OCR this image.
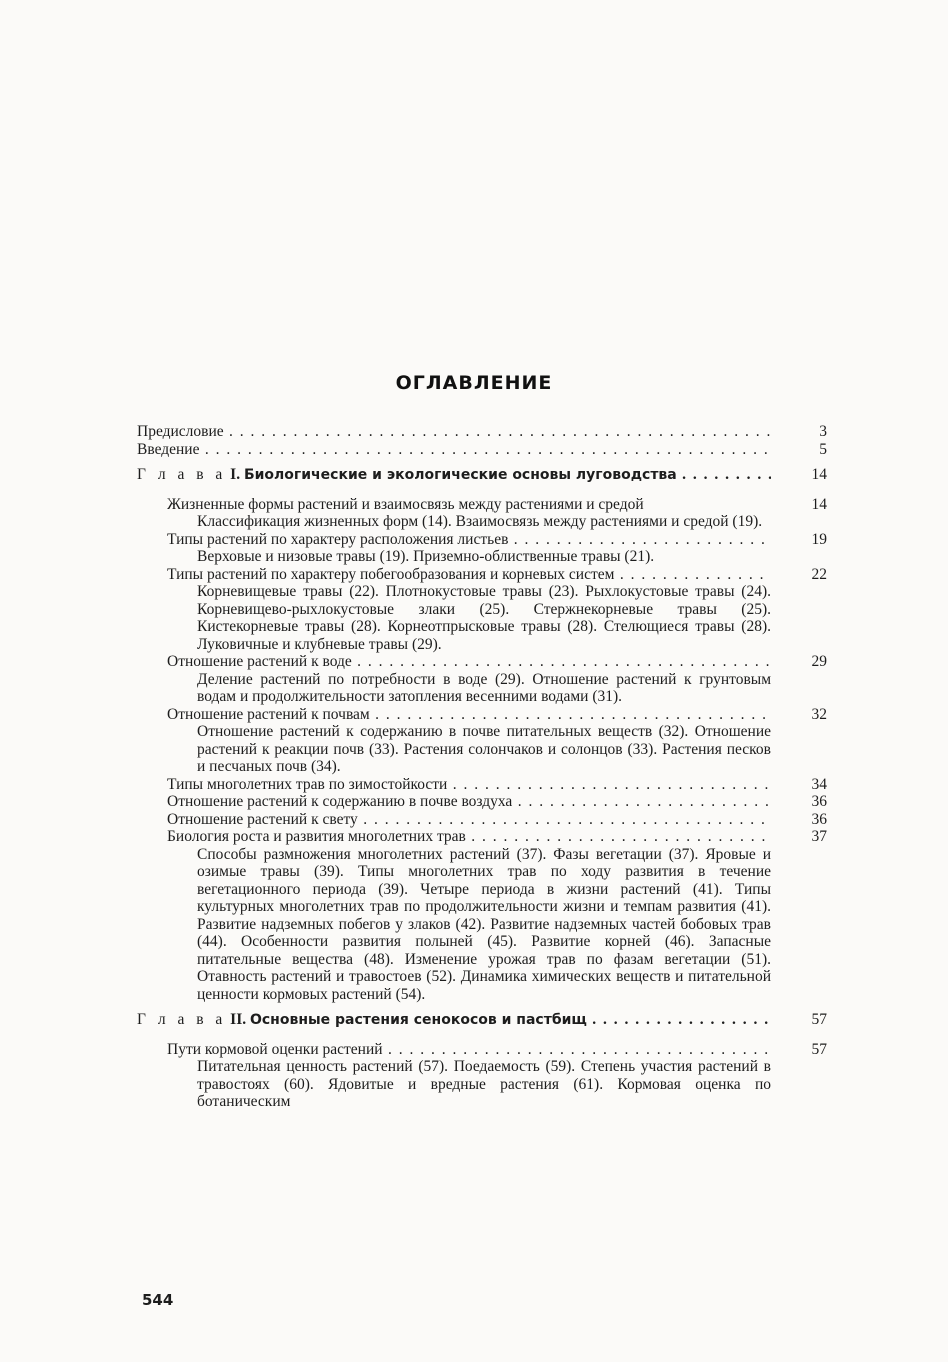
ОГЛАВЛЕНИЕ
Предисловие . . .	3
Введение . . .	5
Г л а в а I. Биологические и экологические основы луговодства . . .	14
Жизненные формы растений и взаимосвязь между растениями и средой	14
Классификация жизненных форм (14). Взаимосвязь между растениями и средой (19).
Типы растений по характеру расположения листьев . . .	19
Верховые и низовые травы (19). Приземно-облиственные травы (21).
Типы растений по характеру побегообразования и корневых систем . . .	22
Корневищевые травы (22). Плотнокустовые травы (23). Рыхлокустовые травы (24). Корневищево-рыхлокустовые злаки (25). Стержнекорневые травы (25). Кистекорневые травы (28). Корнеотпрысковые травы (28). Стелющиеся травы (28). Луковичные и клубневые травы (29).
Отношение растений к воде . . .	29
Деление растений по потребности в воде (29). Отношение растений к грунтовым водам и продолжительности затопления весенними водами (31).
Отношение растений к почвам . . .	32
Отношение растений к содержанию в почве питательных веществ (32). Отношение растений к реакции почв (33). Растения солончаков и солонцов (33). Растения песков и песчаных почв (34).
Типы многолетних трав по зимостойкости . . .	34
Отношение растений к содержанию в почве воздуха . . .	36
Отношение растений к свету . . .	36
Биология роста и развития многолетних трав . . .	37
Способы размножения многолетних растений (37). Фазы вегетации (37). Яровые и озимые травы (39). Типы многолетних трав по ходу развития в течение вегетационного периода (39). Четыре периода в жизни растений (41). Типы культурных многолетних трав по продолжительности жизни и темпам развития (41). Развитие надземных побегов у злаков (42). Развитие надземных частей бобовых трав (44). Особенности развития полыней (45). Развитие корней (46). Запасные питательные вещества (48). Изменение урожая трав по фазам вегетации (51). Отавность растений и травостоев (52). Динамика химических веществ и питательной ценности кормовых растений (54).
Г л а в а II. Основные растения сенокосов и пастбищ . . .	57
Пути кормовой оценки растений . . .	57
Питательная ценность растений (57). Поедаемость (59). Степень участия растений в травостоях (60). Ядовитые и вредные растения (61). Кормовая оценка по ботаническим
544
